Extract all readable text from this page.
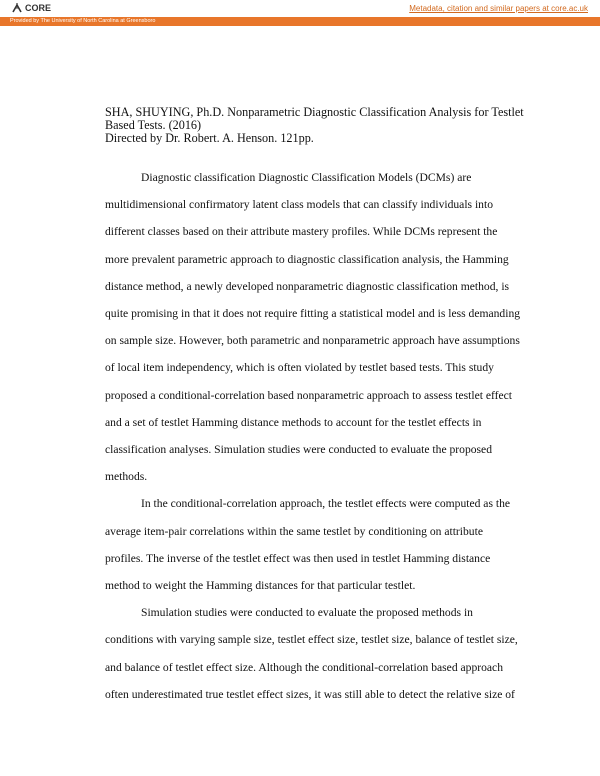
CORE	Metadata, citation and similar papers at core.ac.uk
Provided by The University of North Carolina at Greensboro
SHA, SHUYING, Ph.D. Nonparametric Diagnostic Classification Analysis for Testlet
Based Tests. (2016)
Directed by Dr. Robert. A. Henson. 121pp.

Diagnostic classification Diagnostic Classification Models (DCMs) are
multidimensional confirmatory latent class models that can classify individuals into
different classes based on their attribute mastery profiles. While DCMs represent the
more prevalent parametric approach to diagnostic classification analysis, the Hamming
distance method, a newly developed nonparametric diagnostic classification method, is
quite promising in that it does not require fitting a statistical model and is less demanding
on sample size. However, both parametric and nonparametric approach have assumptions
of local item independency, which is often violated by testlet based tests. This study
proposed a conditional-correlation based nonparametric approach to assess testlet effect
and a set of testlet Hamming distance methods to account for the testlet effects in
classification analyses. Simulation studies were conducted to evaluate the proposed
methods.

In the conditional-correlation approach, the testlet effects were computed as the
average item-pair correlations within the same testlet by conditioning on attribute
profiles. The inverse of the testlet effect was then used in testlet Hamming distance
method to weight the Hamming distances for that particular testlet.

Simulation studies were conducted to evaluate the proposed methods in
conditions with varying sample size, testlet effect size, testlet size, balance of testlet size,
and balance of testlet effect size. Although the conditional-correlation based approach
often underestimated true testlet effect sizes, it was still able to detect the relative size of
